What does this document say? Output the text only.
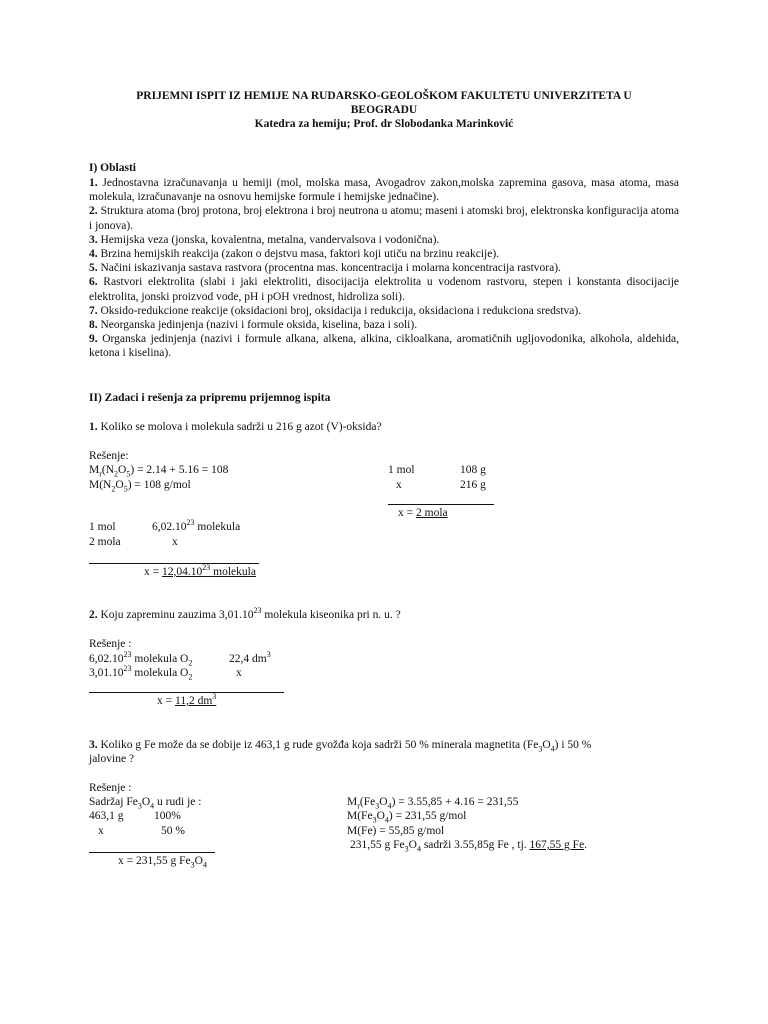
PRIJEMNI ISPIT IZ HEMIJE NA RUDARSKO-GEOLOŠKOM FAKULTETU UNIVERZITETA U
BEOGRADU
Katedra za hemiju; Prof. dr Slobodanka Marinković
I) Oblasti

1. Jednostavna izračunavanja u hemiji (mol, molska masa, Avogadrov zakon,molska zapremina gasova, masa atoma, masa molekula, izračunavanje na osnovu hemijske formule i hemijske jednačine).

2. Struktura atoma (broj protona, broj elektrona i broj neutrona u atomu; maseni i atomski broj, elektronska konfiguracija atoma i jonova).

3. Hemijska veza (jonska, kovalentna, metalna, vandervalsova i vodonična).

4. Brzina hemijskih reakcija (zakon o dejstvu masa, faktori koji utiču na brzinu reakcije).

5. Načini iskazivanja sastava rastvora (procentna mas. koncentracija i molarna koncentracija rastvora).

6. Rastvori elektrolita (slabi i jaki elektroliti, disocijacija elektrolita u vodenom rastvoru, stepen i konstanta disocijacije elektrolita, jonski proizvod vode, pH i pOH vrednost, hidroliza soli).

7. Oksido-redukcione reakcije (oksidacioni broj, oksidacija i redukcija, oksidaciona i redukciona sredstva).

8. Neorganska jedinjenja (nazivi i formule oksida, kiselina, baza i soli).

9. Organska jedinjenja (nazivi i formule alkana, alkena, alkina, cikloalkana, aromatičnih ugljovodonika, alkohola, aldehida, ketona i kiselina).

II) Zadaci i rešenja za pripremu prijemnog ispita
1. Koliko se molova i molekula sadrži u 216 g azot (V)-oksida?
Rešenje:
$M_r(N_2O_5) = 2.14 + 5.16 = 108$
$M(N_2O_5) = 108$ g/mol
1 mol	108 g
x	216 g
x = 2 mola
1 mol	6,02.10$^{23}$ molekula
2 mola	x
$x = 12,04.10^{23}$ molekula
2. Koju zapreminu zauzima 3,01.10$^{23}$ molekula kiseonika pri n. u. ?
Rešenje :
6,02.10$^{23}$ molekula $O_2$	22,4 $dm^3$
3,01.10$^{23}$ molekula $O_2$	x
x = 11,2 $dm^3$
3. Koliko g Fe može da se dobije iz 463,1 g rude gvožđa koja sadrži 50 % minerala magnetita $(Fe_3O_4)$ i 50 %
jalovine ?
Rešenje :
Sadržaj $Fe_3O_4$ u rudi je :
463,1 g	100%
x	50 %
x = 231,55 g $Fe_3O_4$
$M_r(Fe_3O_4) = 3.55,85 + 4.16 = 231,55$
$M(Fe_3O_4) = 231,55$ g/mol
M(Fe) = 55,85 g/mol
231,55 g $Fe_3O_4$ sadrži 3.55,85g Fe , tj. 167,55 g Fe.
